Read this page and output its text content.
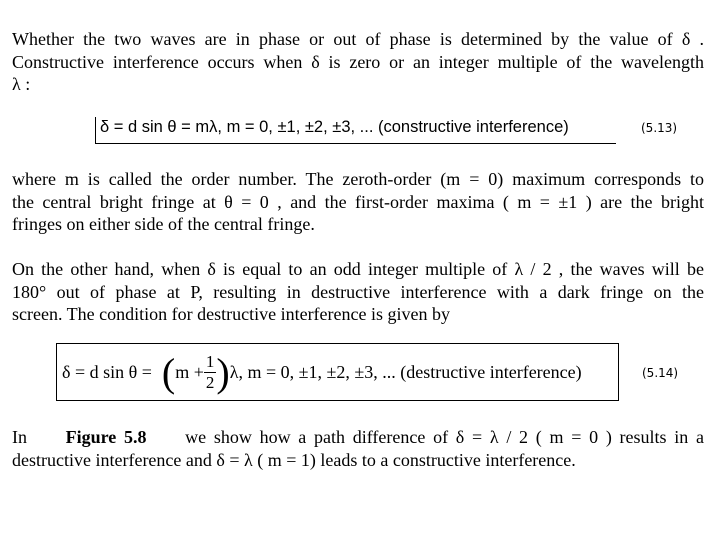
Whether the two waves are in phase or out of phase is determined by the value of δ .
Constructive interference occurs when δ is zero or an integer multiple of the wavelength
λ :
δ = d sin θ = mλ, m = 0, ±1, ±2, ±3, ... (constructive interference)	(5.13)
where m is called the order number. The zeroth-order (m = 0) maximum corresponds to
the central bright fringe at θ = 0 , and the first-order maxima ( m = ±1 ) are the bright
fringes on either side of the central fringe.
On the other hand, when δ is equal to an odd integer multiple of λ / 2 , the waves will be
180° out of phase at P, resulting in destructive interference with a dark fringe on the
screen. The condition for destructive interference is given by
δ = d sin θ = ( $m + \frac{1}{2}$ ) λ, m = 0, ±1, ±2, ±3, ... (destructive interference)	(5.14)
In Figure 5.8 we show how a path difference of δ = λ / 2 ( m = 0 ) results in a
destructive interference and δ = λ ( m = 1) leads to a constructive interference.
